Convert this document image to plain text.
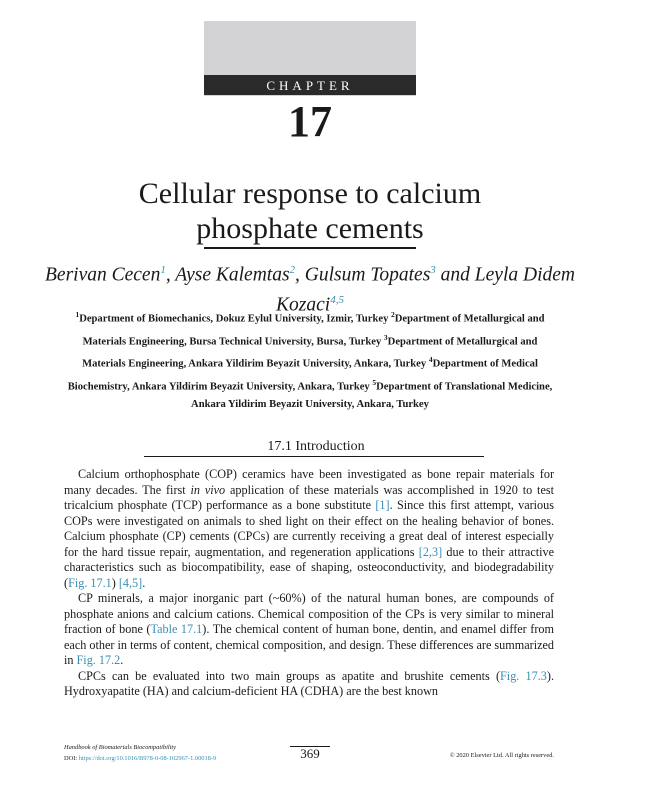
CHAPTER
17
Cellular response to calcium
phosphate cements
Berivan Cecen$^1$, Ayse Kalemtas$^2$, Gulsum Topates$^3$ and Leyla Didem Kozaci$^{4,5}$
$^1$Department of Biomechanics, Dokuz Eylul University, Izmir, Turkey $^2$Department of Metallurgical and Materials Engineering, Bursa Technical University, Bursa, Turkey $^3$Department of Metallurgical and Materials Engineering, Ankara Yildirim Beyazit University, Ankara, Turkey $^4$Department of Medical Biochemistry, Ankara Yildirim Beyazit University, Ankara, Turkey $^5$Department of Translational Medicine, Ankara Yildirim Beyazit University, Ankara, Turkey
17.1 Introduction

Calcium orthophosphate (COP) ceramics have been investigated as bone repair materials for many decades. The first in vivo application of these materials was accomplished in 1920 to test tricalcium phosphate (TCP) performance as a bone substitute [1]. Since this first attempt, various COPs were investigated on animals to shed light on their effect on the healing behavior of bones. Calcium phosphate (CP) cements (CPCs) are currently receiving a great deal of interest especially for the hard tissue repair, augmentation, and regeneration applications [2,3] due to their attractive characteristics such as biocompatibility, ease of shaping, osteoconductivity, and biodegradability (Fig. 17.1) [4,5].

CP minerals, a major inorganic part (~60%) of the natural human bones, are compounds of phosphate anions and calcium cations. Chemical composition of the CPs is very similar to mineral fraction of bone (Table 17.1). The chemical content of human bone, dentin, and enamel differ from each other in terms of content, chemical composition, and design. These differences are summarized in Fig. 17.2.

CPCs can be evaluated into two main groups as apatite and brushite cements (Fig. 17.3). Hydroxyapatite (HA) and calcium-deficient HA (CDHA) are the best known

Handbook of Biomaterials Biocompatibility
DOI: https://doi.org/10.1016/B978-0-08-102967-1.00018-9	369	© 2020 Elsevier Ltd. All rights reserved.
